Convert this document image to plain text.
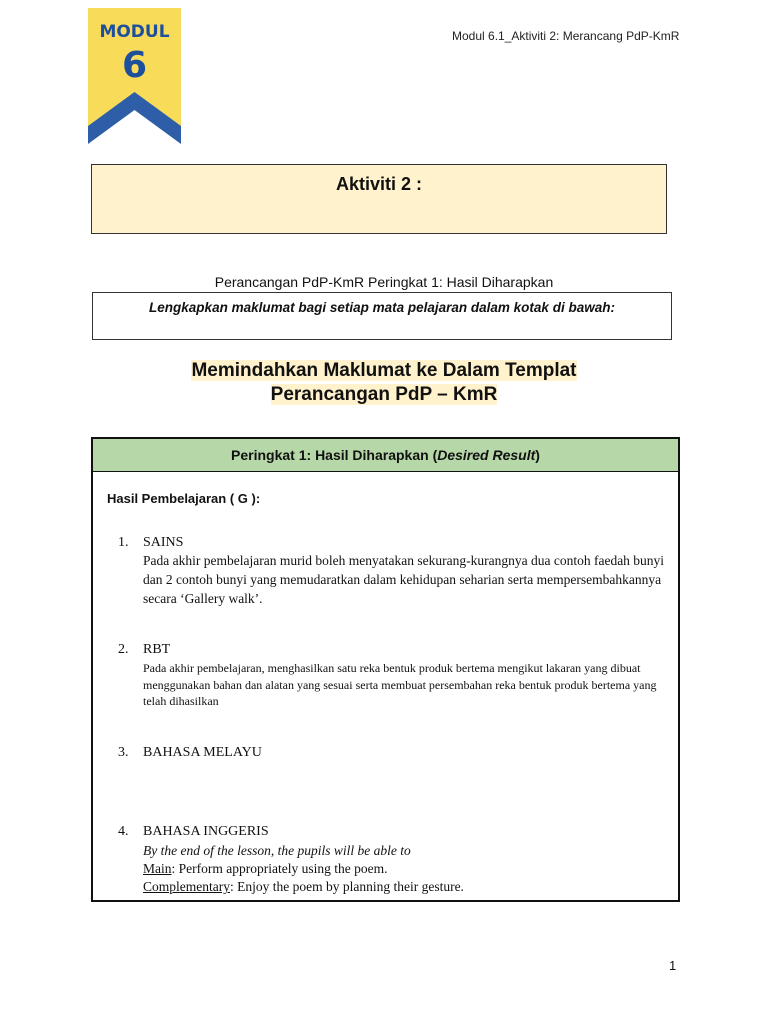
MODUL
6
Modul 6.1_Aktiviti 2: Merancang PdP-KmR
Aktiviti 2 :
Perancangan PdP-KmR Peringkat 1: Hasil Diharapkan
Lengkapkan maklumat bagi setiap mata pelajaran dalam kotak di bawah:
Memindahkan Maklumat ke Dalam Templat
Perancangan PdP – KmR
Peringkat 1: Hasil Diharapkan (Desired Result)
Hasil Pembelajaran ( G ):
1. SAINS
Pada akhir pembelajaran murid boleh menyatakan sekurang-kurangnya dua contoh faedah bunyi dan 2 contoh bunyi yang memudaratkan dalam kehidupan seharian serta mempersembahkannya secara ‘Gallery walk’.
2. RBT
Pada akhir pembelajaran, menghasilkan satu reka bentuk produk bertema mengikut lakaran yang dibuat menggunakan bahan dan alatan yang sesuai serta membuat persembahan reka bentuk produk bertema yang telah dihasilkan
3. BAHASA MELAYU
4. BAHASA INGGERIS
By the end of the lesson, the pupils will be able to
Main: Perform appropriately using the poem.
Complementary: Enjoy the poem by planning their gesture.
1
